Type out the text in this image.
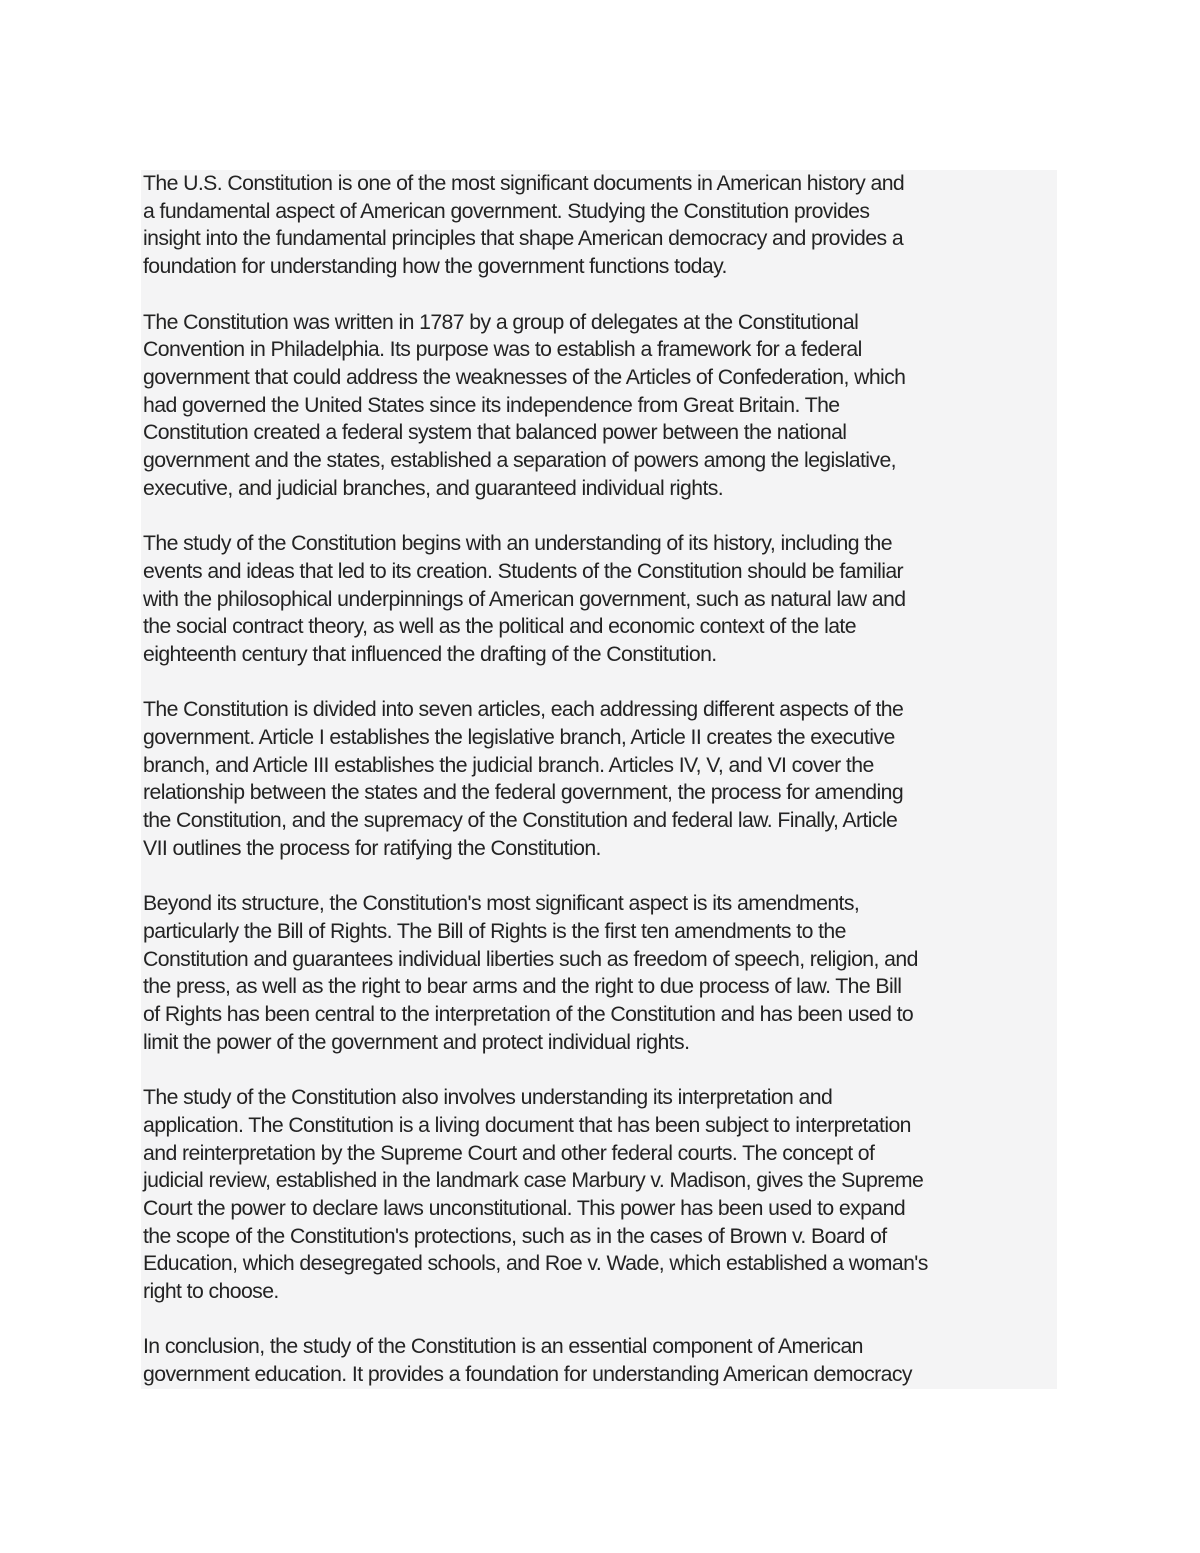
The U.S. Constitution is one of the most significant documents in American history and
a fundamental aspect of American government. Studying the Constitution provides
insight into the fundamental principles that shape American democracy and provides a
foundation for understanding how the government functions today.

The Constitution was written in 1787 by a group of delegates at the Constitutional
Convention in Philadelphia. Its purpose was to establish a framework for a federal
government that could address the weaknesses of the Articles of Confederation, which
had governed the United States since its independence from Great Britain. The
Constitution created a federal system that balanced power between the national
government and the states, established a separation of powers among the legislative,
executive, and judicial branches, and guaranteed individual rights.

The study of the Constitution begins with an understanding of its history, including the
events and ideas that led to its creation. Students of the Constitution should be familiar
with the philosophical underpinnings of American government, such as natural law and
the social contract theory, as well as the political and economic context of the late
eighteenth century that influenced the drafting of the Constitution.

The Constitution is divided into seven articles, each addressing different aspects of the
government. Article I establishes the legislative branch, Article II creates the executive
branch, and Article III establishes the judicial branch. Articles IV, V, and VI cover the
relationship between the states and the federal government, the process for amending
the Constitution, and the supremacy of the Constitution and federal law. Finally, Article
VII outlines the process for ratifying the Constitution.

Beyond its structure, the Constitution's most significant aspect is its amendments,
particularly the Bill of Rights. The Bill of Rights is the first ten amendments to the
Constitution and guarantees individual liberties such as freedom of speech, religion, and
the press, as well as the right to bear arms and the right to due process of law. The Bill
of Rights has been central to the interpretation of the Constitution and has been used to
limit the power of the government and protect individual rights.

The study of the Constitution also involves understanding its interpretation and
application. The Constitution is a living document that has been subject to interpretation
and reinterpretation by the Supreme Court and other federal courts. The concept of
judicial review, established in the landmark case Marbury v. Madison, gives the Supreme
Court the power to declare laws unconstitutional. This power has been used to expand
the scope of the Constitution's protections, such as in the cases of Brown v. Board of
Education, which desegregated schools, and Roe v. Wade, which established a woman's
right to choose.

In conclusion, the study of the Constitution is an essential component of American
government education. It provides a foundation for understanding American democracy
